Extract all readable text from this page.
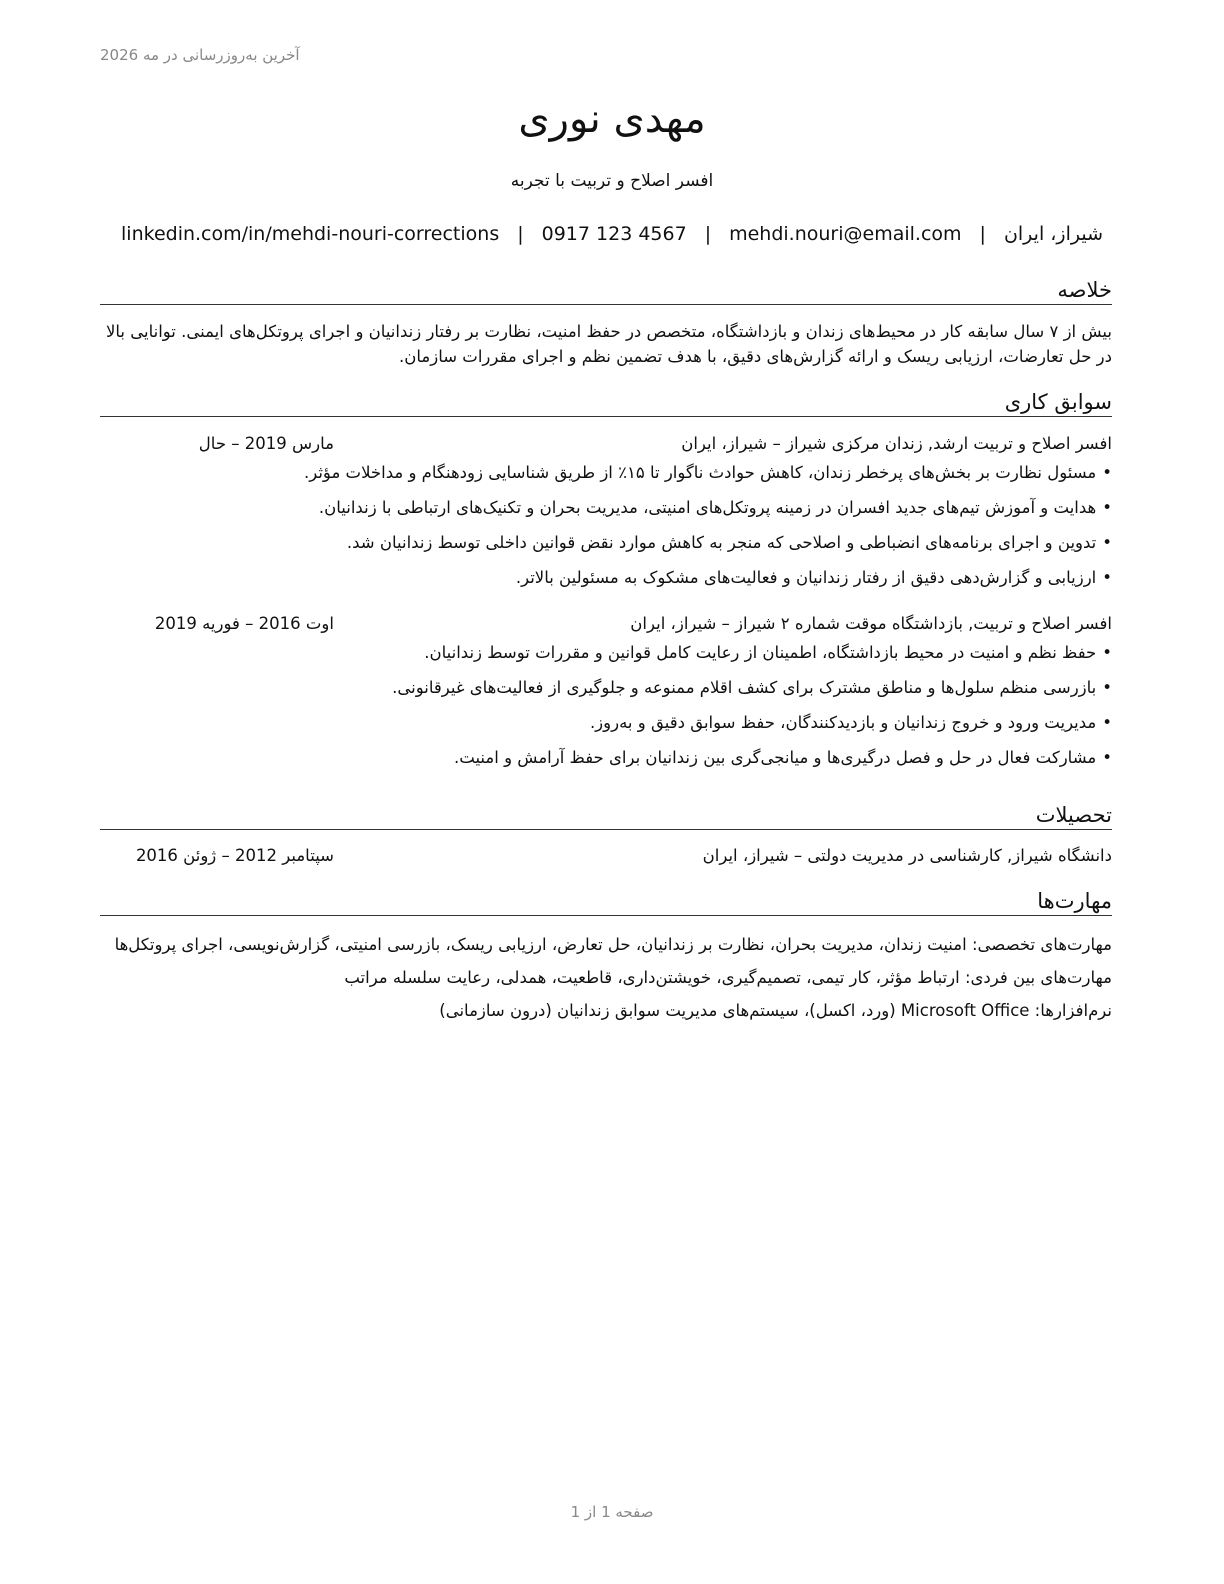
آخرین به‌روزرسانی در مه 2026
مهدی نوری
افسر اصلاح و تربیت با تجربه
شیراز، ایران|mehdi.nouri@email.com|0917 123 4567|linkedin.com/in/mehdi-nouri-corrections
خلاصه
بیش از ۷ سال سابقه کار در محیط‌های زندان و بازداشتگاه، متخصص در حفظ امنیت، نظارت بر رفتار زندانیان و اجرای پروتکل‌های ایمنی. توانایی بالا در حل تعارضات، ارزیابی ریسک و ارائه گزارش‌های دقیق، با هدف تضمین نظم و اجرای مقررات سازمان.
سوابق کاری
افسر اصلاح و تربیت ارشد, زندان مرکزی شیراز – شیراز، ایران
مارس 2019 – حال
• مسئول نظارت بر بخش‌های پرخطر زندان، کاهش حوادث ناگوار تا ۱۵٪ از طریق شناسایی زودهنگام و مداخلات مؤثر.
• هدایت و آموزش تیم‌های جدید افسران در زمینه پروتکل‌های امنیتی، مدیریت بحران و تکنیک‌های ارتباطی با زندانیان.
• تدوین و اجرای برنامه‌های انضباطی و اصلاحی که منجر به کاهش موارد نقض قوانین داخلی توسط زندانیان شد.
• ارزیابی و گزارش‌دهی دقیق از رفتار زندانیان و فعالیت‌های مشکوک به مسئولین بالاتر.
افسر اصلاح و تربیت, بازداشتگاه موقت شماره ۲ شیراز – شیراز، ایران
اوت 2016 – فوریه 2019
• حفظ نظم و امنیت در محیط بازداشتگاه، اطمینان از رعایت کامل قوانین و مقررات توسط زندانیان.
• بازرسی منظم سلول‌ها و مناطق مشترک برای کشف اقلام ممنوعه و جلوگیری از فعالیت‌های غیرقانونی.
• مدیریت ورود و خروج زندانیان و بازدیدکنندگان، حفظ سوابق دقیق و به‌روز.
• مشارکت فعال در حل و فصل درگیری‌ها و میانجی‌گری بین زندانیان برای حفظ آرامش و امنیت.
تحصیلات
دانشگاه شیراز, کارشناسی در مدیریت دولتی – شیراز، ایران
سپتامبر 2012 – ژوئن 2016
مهارت‌ها
مهارت‌های تخصصی: امنیت زندان، مدیریت بحران، نظارت بر زندانیان، حل تعارض، ارزیابی ریسک، بازرسی امنیتی، گزارش‌نویسی، اجرای پروتکل‌ها
مهارت‌های بین فردی: ارتباط مؤثر، کار تیمی، تصمیم‌گیری، خویشتن‌داری، قاطعیت، همدلی، رعایت سلسله مراتب
نرم‌افزارها: Microsoft Office (ورد، اکسل)، سیستم‌های مدیریت سوابق زندانیان (درون سازمانی)
صفحه 1 از 1
